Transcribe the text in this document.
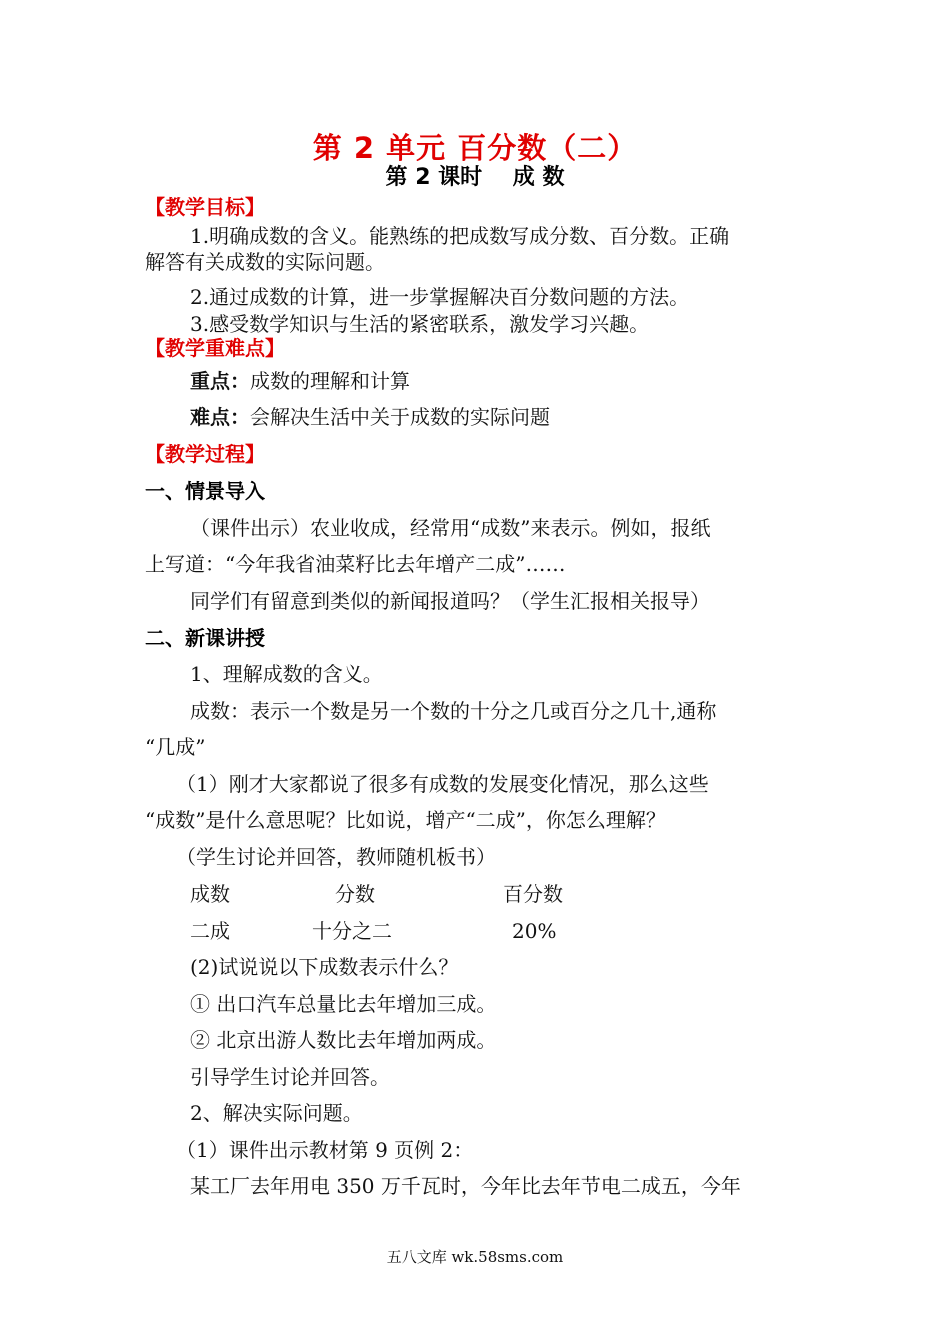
第 2 单元 百分数（二）
第 2 课时    成 数
【教学目标】
1.明确成数的含义。能熟练的把成数写成分数、百分数。正确
解答有关成数的实际问题。
2.通过成数的计算，进一步掌握解决百分数问题的方法。
3.感受数学知识与生活的紧密联系，激发学习兴趣。
【教学重难点】
重点：成数的理解和计算
难点：会解决生活中关于成数的实际问题
【教学过程】
一、情景导入
（课件出示）农业收成，经常用“成数”来表示。例如，报纸
上写道：“今年我省油菜籽比去年增产二成”……
同学们有留意到类似的新闻报道吗？（学生汇报相关报导）
二、新课讲授
1、理解成数的含义。
成数：表示一个数是另一个数的十分之几或百分之几十,通称
“几成”
（1）刚才大家都说了很多有成数的发展变化情况，那么这些
“成数”是什么意思呢？比如说，增产“二成”，你怎么理解？
（学生讨论并回答，教师随机板书）
成数	分数	百分数
二成	十分之二	20%
(2)试说说以下成数表示什么？
① 出口汽车总量比去年增加三成。
② 北京出游人数比去年增加两成。
引导学生讨论并回答。
2、解决实际问题。
（1）课件出示教材第 9 页例 2：
某工厂去年用电 350 万千瓦时，今年比去年节电二成五，今年
五八文库 wk.58sms.com
